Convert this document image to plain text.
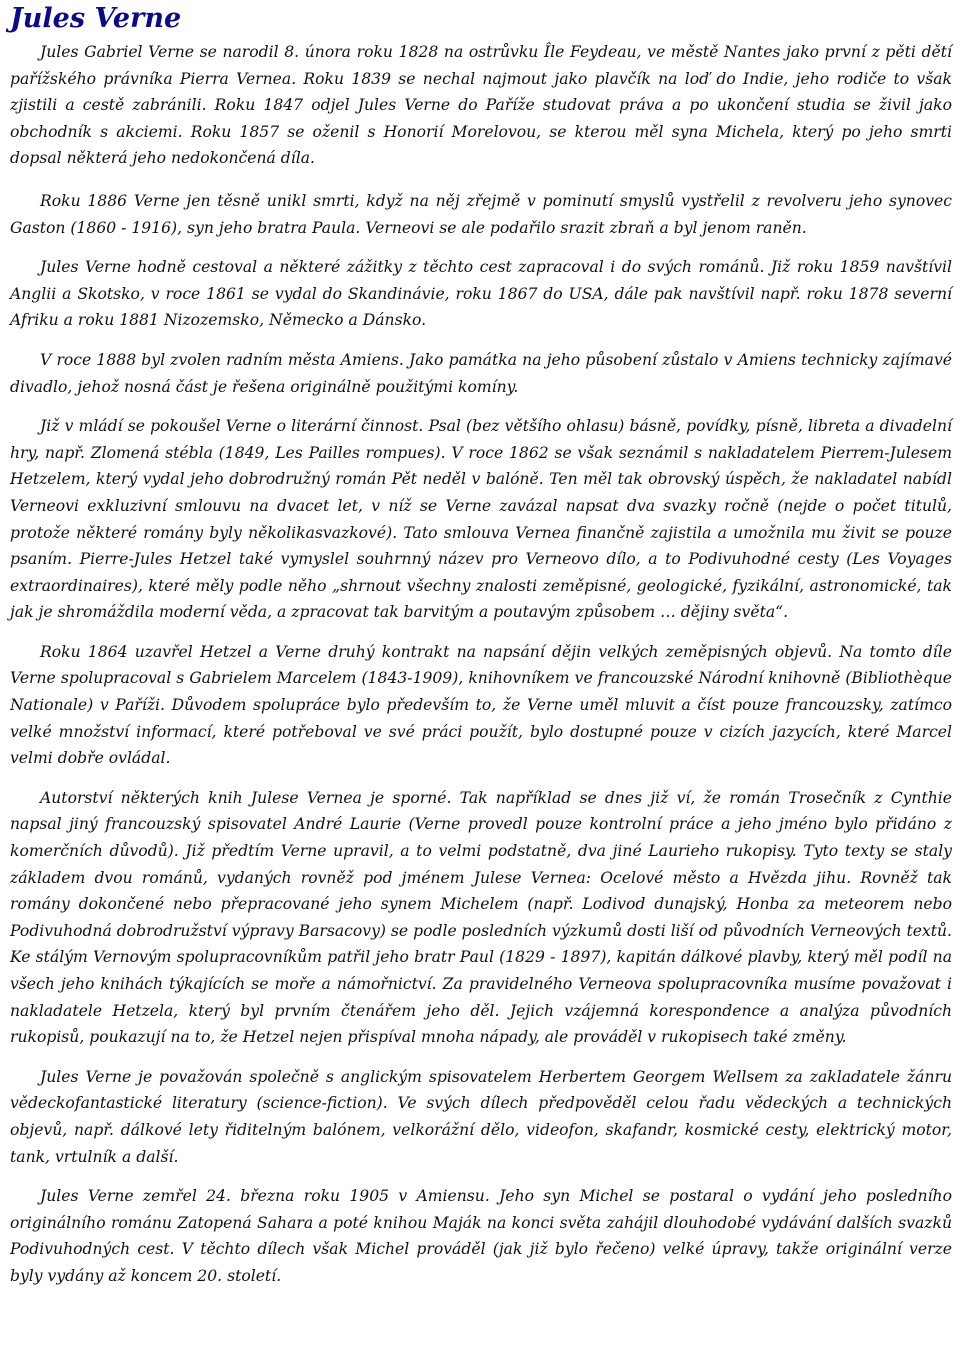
Jules Verne

Jules Gabriel Verne se narodil 8. února roku 1828 na ostrůvku Île Feydeau, ve městě Nantes jako první z pěti dětí pařížského právníka Pierra Vernea. Roku 1839 se nechal najmout jako plavčík na loď do Indie, jeho rodiče to však zjistili a cestě zabránili. Roku 1847 odjel Jules Verne do Paříže studovat práva a po ukončení studia se živil jako obchodník s akciemi. Roku 1857 se oženil s Honorií Morelovou, se kterou měl syna Michela, který po jeho smrti dopsal některá jeho nedokončená díla.

Roku 1886 Verne jen těsně unikl smrti, když na něj zřejmě v pominutí smyslů vystřelil z revolveru jeho synovec Gaston (1860 - 1916), syn jeho bratra Paula. Verneovi se ale podařilo srazit zbraň a byl jenom raněn.

Jules Verne hodně cestoval a některé zážitky z těchto cest zapracoval i do svých románů. Již roku 1859 navštívil Anglii a Skotsko, v roce 1861 se vydal do Skandinávie, roku 1867 do USA, dále pak navštívil např. roku 1878 severní Afriku a roku 1881 Nizozemsko, Německo a Dánsko.

V roce 1888 byl zvolen radním města Amiens. Jako památka na jeho působení zůstalo v Amiens technicky zajímavé divadlo, jehož nosná část je řešena originálně použitými komíny.

Již v mládí se pokoušel Verne o literární činnost. Psal (bez většího ohlasu) básně, povídky, písně, libreta a divadelní hry, např. Zlomená stébla (1849, Les Pailles rompues). V roce 1862 se však seznámil s nakladatelem Pierrem-Julesem Hetzelem, který vydal jeho dobrodružný román Pět neděl v balóně. Ten měl tak obrovský úspěch, že nakladatel nabídl Verneovi exkluzivní smlouvu na dvacet let, v níž se Verne zavázal napsat dva svazky ročně (nejde o počet titulů, protože některé romány byly několikasvazkové). Tato smlouva Vernea finančně zajistila a umožnila mu živit se pouze psaním. Pierre-Jules Hetzel také vymyslel souhrnný název pro Verneovo dílo, a to Podivuhodné cesty (Les Voyages extraordinaires), které měly podle něho „shrnout všechny znalosti zeměpisné, geologické, fyzikální, astronomické, tak jak je shromáždila moderní věda, a zpracovat tak barvitým a poutavým způsobem … dějiny světa“.

Roku 1864 uzavřel Hetzel a Verne druhý kontrakt na napsání dějin velkých zeměpisných objevů. Na tomto díle Verne spolupracoval s Gabrielem Marcelem (1843-1909), knihovníkem ve francouzské Národní knihovně (Bibliothèque Nationale) v Paříži. Důvodem spolupráce bylo především to, že Verne uměl mluvit a číst pouze francouzsky, zatímco velké množství informací, které potřeboval ve své práci použít, bylo dostupné pouze v cizích jazycích, které Marcel velmi dobře ovládal.

Autorství některých knih Julese Vernea je sporné. Tak například se dnes již ví, že román Trosečník z Cynthie napsal jiný francouzský spisovatel André Laurie (Verne provedl pouze kontrolní práce a jeho jméno bylo přidáno z komerčních důvodů). Již předtím Verne upravil, a to velmi podstatně, dva jiné Laurieho rukopisy. Tyto texty se staly základem dvou románů, vydaných rovněž pod jménem Julese Vernea: Ocelové město a Hvězda jihu. Rovněž tak romány dokončené nebo přepracované jeho synem Michelem (např. Lodivod dunajský, Honba za meteorem nebo Podivuhodná dobrodružství výpravy Barsacovy) se podle posledních výzkumů dosti liší od původních Verneových textů. Ke stálým Vernovým spolupracovníkům patřil jeho bratr Paul (1829 - 1897), kapitán dálkové plavby, který měl podíl na všech jeho knihách týkajících se moře a námořnictví. Za pravidelného Verneova spolupracovníka musíme považovat i nakladatele Hetzela, který byl prvním čtenářem jeho děl. Jejich vzájemná korespondence a analýza původních rukopisů, poukazují na to, že Hetzel nejen přispíval mnoha nápady, ale prováděl v rukopisech také změny.

Jules Verne je považován společně s anglickým spisovatelem Herbertem Georgem Wellsem za zakladatele žánru vědeckofantastické literatury (science-fiction). Ve svých dílech předpověděl celou řadu vědeckých a technických objevů, např. dálkové lety řiditelným balónem, velkorážní dělo, videofon, skafandr, kosmické cesty, elektrický motor, tank, vrtulník a další.

Jules Verne zemřel 24. března roku 1905 v Amiensu. Jeho syn Michel se postaral o vydání jeho posledního originálního románu Zatopená Sahara a poté knihou Maják na konci světa zahájil dlouhodobé vydávání dalších svazků Podivuhodných cest. V těchto dílech však Michel prováděl (jak již bylo řečeno) velké úpravy, takže originální verze byly vydány až koncem 20. století.
